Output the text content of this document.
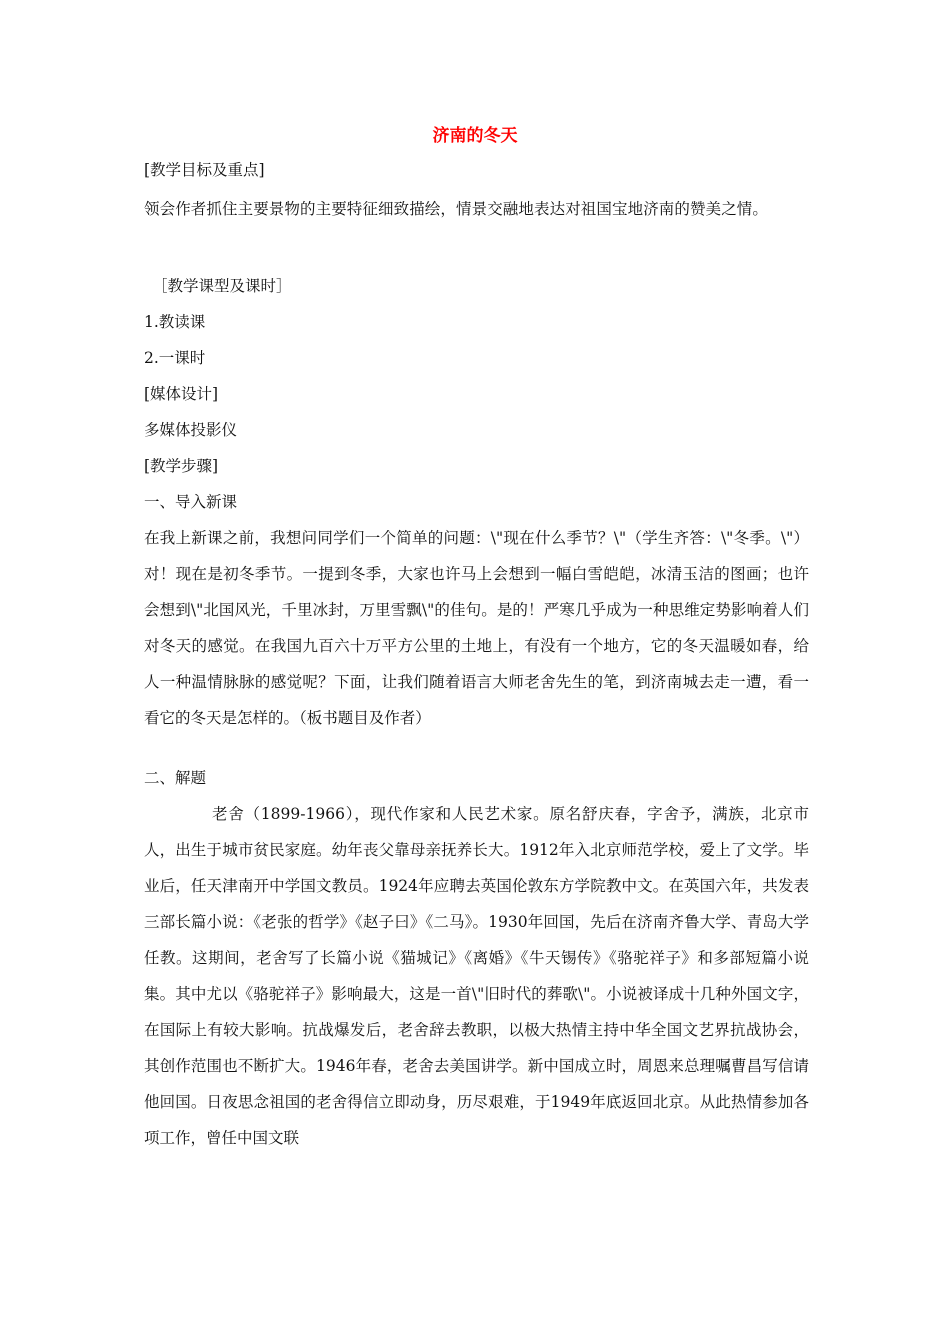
济南的冬天
[教学目标及重点]
领会作者抓住主要景物的主要特征细致描绘，情景交融地表达对祖国宝地济南的赞美之情。
［教学课型及课时］
1.教读课
2.一课时
[媒体设计]
多媒体投影仪
[教学步骤]
一、导入新课
在我上新课之前，我想问同学们一个简单的问题：\"现在什么季节？\"（学生齐答：\"冬季。\"）对！现在是初冬季节。一提到冬季，大家也许马上会想到一幅白雪皑皑，冰清玉洁的图画；也许会想到\"北国风光，千里冰封，万里雪飘\"的佳句。是的！严寒几乎成为一种思维定势影响着人们对冬天的感觉。在我国九百六十万平方公里的土地上，有没有一个地方，它的冬天温暖如春，给人一种温情脉脉的感觉呢？下面，让我们随着语言大师老舍先生的笔，到济南城去走一遭，看一看它的冬天是怎样的。（板书题目及作者）
二、解题
老舍（1899-1966），现代作家和人民艺术家。原名舒庆春，字舍予，满族，北京市人，出生于城市贫民家庭。幼年丧父靠母亲抚养长大。1912年入北京师范学校，爱上了文学。毕业后，任天津南开中学国文教员。1924年应聘去英国伦敦东方学院教中文。在英国六年，共发表三部长篇小说：《老张的哲学》《赵子曰》《二马》。1930年回国，先后在济南齐鲁大学、青岛大学任教。这期间，老舍写了长篇小说《猫城记》《离婚》《牛天锡传》《骆驼祥子》和多部短篇小说集。其中尤以《骆驼祥子》影响最大，这是一首\"旧时代的葬歌\"。小说被译成十几种外国文字，在国际上有较大影响。抗战爆发后，老舍辞去教职，以极大热情主持中华全国文艺界抗战协会，其创作范围也不断扩大。1946年春，老舍去美国讲学。新中国成立时，周恩来总理嘱曹昌写信请他回国。日夜思念祖国的老舍得信立即动身，历尽艰难，于1949年底返回北京。从此热情参加各项工作，曾任中国文联
